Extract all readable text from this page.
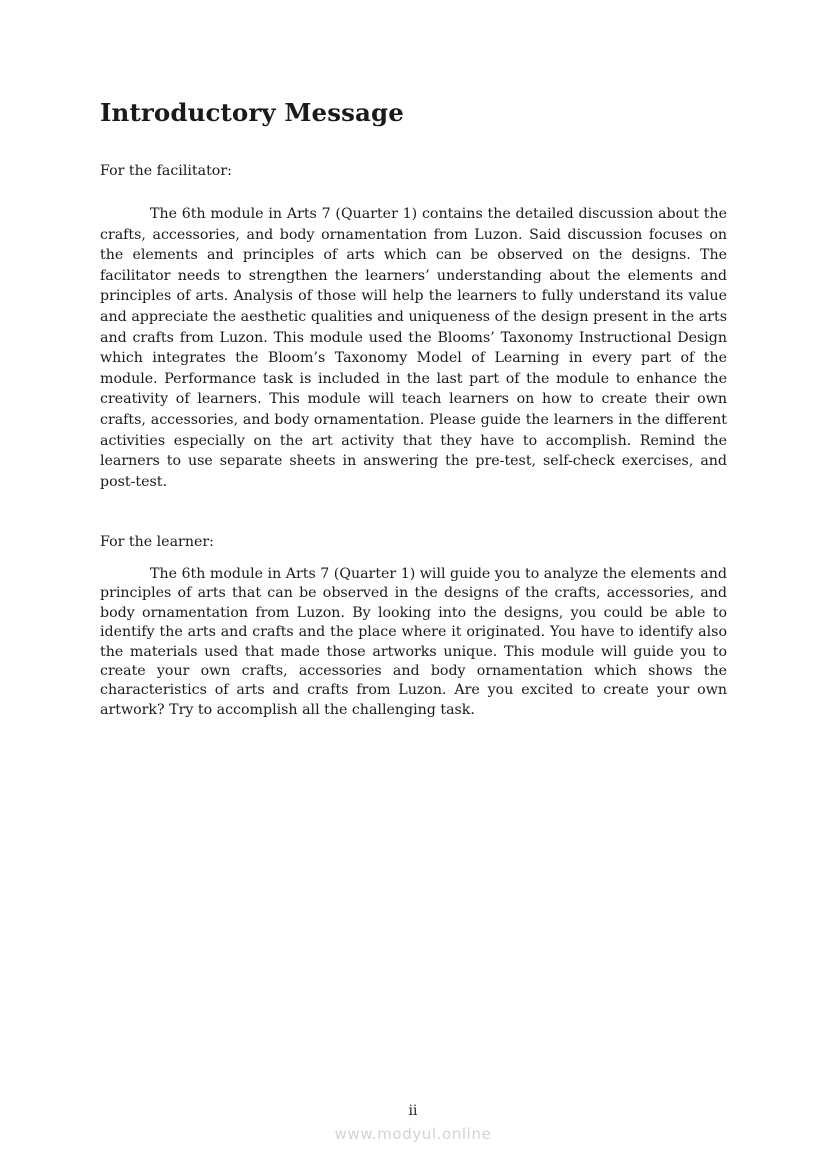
Introductory Message

For the facilitator:

The 6th module in Arts 7 (Quarter 1) contains the detailed discussion about the crafts, accessories, and body ornamentation from Luzon. Said discussion focuses on the elements and principles of arts which can be observed on the designs. The facilitator needs to strengthen the learners’ understanding about the elements and principles of arts. Analysis of those will help the learners to fully understand its value and appreciate the aesthetic qualities and uniqueness of the design present in the arts and crafts from Luzon. This module used the Blooms’ Taxonomy Instructional Design which integrates the Bloom’s Taxonomy Model of Learning in every part of the module. Performance task is included in the last part of the module to enhance the creativity of learners. This module will teach learners on how to create their own crafts, accessories, and body ornamentation. Please guide the learners in the different activities especially on the art activity that they have to accomplish. Remind the learners to use separate sheets in answering the pre-test, self-check exercises, and post-test.

For the learner:

The 6th module in Arts 7 (Quarter 1) will guide you to analyze the elements and principles of arts that can be observed in the designs of the crafts, accessories, and body ornamentation from Luzon. By looking into the designs, you could be able to identify the arts and crafts and the place where it originated. You have to identify also the materials used that made those artworks unique. This module will guide you to create your own crafts, accessories and body ornamentation which shows the characteristics of arts and crafts from Luzon. Are you excited to create your own artwork? Try to accomplish all the challenging task.

ii
www.modyul.online
